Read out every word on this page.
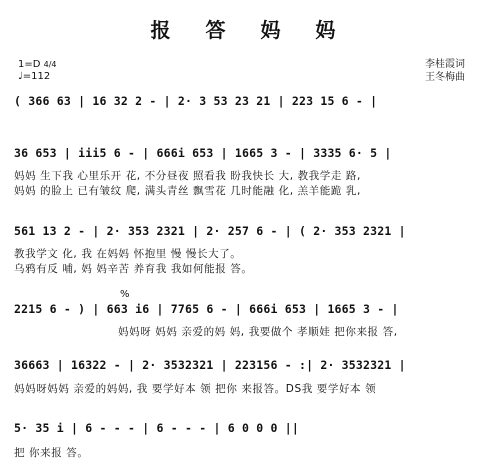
报 答 妈 妈
1=D 4/4
♩=112
李桂霞词
王冬梅曲
( 366 63 | 16 32 2 - | 2· 3 53 23 21 | 223 15 6 - |
36 653 | iii5 6 - | 666i 653 | 1665 3 - | 3335 6· 5 |
妈妈 生下我 心里乐开 花, 不分昼夜 照看我 盼我快长 大, 教我学走 路,
妈妈 的脸上 已有皱纹 爬, 满头青丝 飘雪花 几时能融 化, 羔羊能跪 乳,
561 13 2 - | 2· 353 2321 | 2· 257 6 - | ( 2· 353 2321 |
教我学文 化, 我 在妈妈 怀抱里 慢 慢长大了。
乌鸦有反 哺, 妈 妈辛苦 养育我 我如何能报 答。
%
2215 6 - ) | 663 i6 | 7765 6 - | 666i 653 | 1665 3 - |
妈妈呀 妈妈 亲爱的妈 妈, 我要做个 孝顺娃 把你来报 答,
36663 | 16322 - | 2· 3532321 | 223156 - :| 2· 3532321 |
妈妈呀妈妈 亲爱的妈妈, 我 要学好本 领 把你 来报答。DS我 要学好本 领
5· 35 i | 6 - - - | 6 - - - | 6 0 0 0 ||
把 你来报 答。
